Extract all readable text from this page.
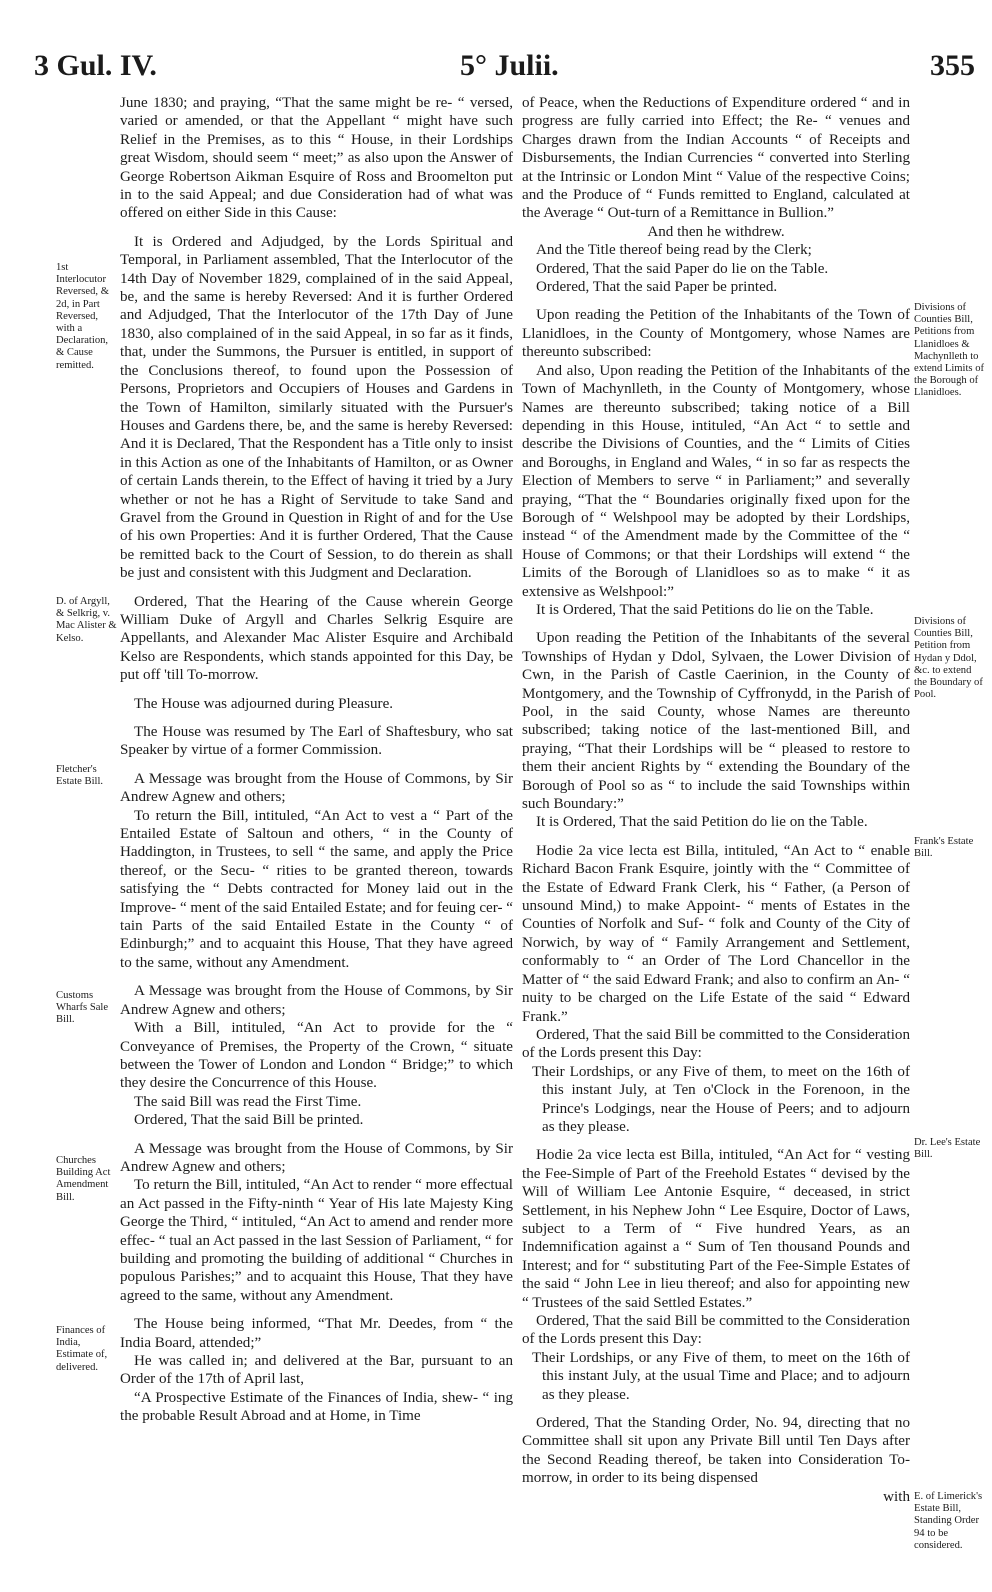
3 Gul. IV.	5° Julii.	355

June 1830; and praying, “That the same might be re- “ versed, varied or amended, or that the Appellant “ might have such Relief in the Premises, as to this “ House, in their Lordships great Wisdom, should seem “ meet;” as also upon the Answer of George Robertson Aikman Esquire of Ross and Broomelton put in to the said Appeal; and due Consideration had of what was offered on either Side in this Cause:

It is Ordered and Adjudged, by the Lords Spiritual and Temporal, in Parliament assembled, That the Interlocutor of the 14th Day of November 1829, complained of in the said Appeal, be, and the same is hereby Reversed: And it is further Ordered and Adjudged, That the Interlocutor of the 17th Day of June 1830, also complained of in the said Appeal, in so far as it finds, that, under the Summons, the Pursuer is entitled, in support of the Conclusions thereof, to found upon the Possession of Persons, Proprietors and Occupiers of Houses and Gardens in the Town of Hamilton, similarly situated with the Pursuer's Houses and Gardens there, be, and the same is hereby Reversed: And it is Declared, That the Respondent has a Title only to insist in this Action as one of the Inhabitants of Hamilton, or as Owner of certain Lands therein, to the Effect of having it tried by a Jury whether or not he has a Right of Servitude to take Sand and Gravel from the Ground in Question in Right of and for the Use of his own Properties: And it is further Ordered, That the Cause be remitted back to the Court of Session, to do therein as shall be just and consistent with this Judgment and Declaration.

Ordered, That the Hearing of the Cause wherein George William Duke of Argyll and Charles Selkrig Esquire are Appellants, and Alexander Mac Alister Esquire and Archibald Kelso are Respondents, which stands appointed for this Day, be put off 'till To-morrow.

The House was adjourned during Pleasure.

The House was resumed by The Earl of Shaftesbury, who sat Speaker by virtue of a former Commission.

A Message was brought from the House of Commons, by Sir Andrew Agnew and others;

To return the Bill, intituled, “An Act to vest a “ Part of the Entailed Estate of Saltoun and others, “ in the County of Haddington, in Trustees, to sell “ the same, and apply the Price thereof, or the Secu- “ rities to be granted thereon, towards satisfying the “ Debts contracted for Money laid out in the Improve- “ ment of the said Entailed Estate; and for feuing cer- “ tain Parts of the said Entailed Estate in the County “ of Edinburgh;” and to acquaint this House, That they have agreed to the same, without any Amendment.

A Message was brought from the House of Commons, by Sir Andrew Agnew and others;

With a Bill, intituled, “An Act to provide for the “ Conveyance of Premises, the Property of the Crown, “ situate between the Tower of London and London “ Bridge;” to which they desire the Concurrence of this House.

The said Bill was read the First Time.

Ordered, That the said Bill be printed.

A Message was brought from the House of Commons, by Sir Andrew Agnew and others;

To return the Bill, intituled, “An Act to render “ more effectual an Act passed in the Fifty-ninth “ Year of His late Majesty King George the Third, “ intituled, “An Act to amend and render more effec- “ tual an Act passed in the last Session of Parliament, “ for building and promoting the building of additional “ Churches in populous Parishes;” and to acquaint this House, That they have agreed to the same, without any Amendment.

The House being informed, “That Mr. Deedes, from “ the India Board, attended;”

He was called in; and delivered at the Bar, pursuant to an Order of the 17th of April last,

“A Prospective Estimate of the Finances of India, shew- “ ing the probable Result Abroad and at Home, in Time

of Peace, when the Reductions of Expenditure ordered “ and in progress are fully carried into Effect; the Re- “ venues and Charges drawn from the Indian Accounts “ of Receipts and Disbursements, the Indian Currencies “ converted into Sterling at the Intrinsic or London Mint “ Value of the respective Coins; and the Produce of “ Funds remitted to England, calculated at the Average “ Out-turn of a Remittance in Bullion.”

And then he withdrew.

And the Title thereof being read by the Clerk;

Ordered, That the said Paper do lie on the Table.

Ordered, That the said Paper be printed.

Upon reading the Petition of the Inhabitants of the Town of Llanidloes, in the County of Montgomery, whose Names are thereunto subscribed:

And also, Upon reading the Petition of the Inhabitants of the Town of Machynlleth, in the County of Montgomery, whose Names are thereunto subscribed; taking notice of a Bill depending in this House, intituled, “An Act “ to settle and describe the Divisions of Counties, and the “ Limits of Cities and Boroughs, in England and Wales, “ in so far as respects the Election of Members to serve “ in Parliament;” and severally praying, “That the “ Boundaries originally fixed upon for the Borough of “ Welshpool may be adopted by their Lordships, instead “ of the Amendment made by the Committee of the “ House of Commons; or that their Lordships will extend “ the Limits of the Borough of Llanidloes so as to make “ it as extensive as Welshpool:”

It is Ordered, That the said Petitions do lie on the Table.

Upon reading the Petition of the Inhabitants of the several Townships of Hydan y Ddol, Sylvaen, the Lower Division of Cwn, in the Parish of Castle Caerinion, in the County of Montgomery, and the Township of Cyffronydd, in the Parish of Pool, in the said County, whose Names are thereunto subscribed; taking notice of the last-mentioned Bill, and praying, “That their Lordships will be “ pleased to restore to them their ancient Rights by “ extending the Boundary of the Borough of Pool so as “ to include the said Townships within such Boundary:”

It is Ordered, That the said Petition do lie on the Table.

Hodie 2a vice lecta est Billa, intituled, “An Act to “ enable Richard Bacon Frank Esquire, jointly with the “ Committee of the Estate of Edward Frank Clerk, his “ Father, (a Person of unsound Mind,) to make Appoint- “ ments of Estates in the Counties of Norfolk and Suf- “ folk and County of the City of Norwich, by way of “ Family Arrangement and Settlement, conformably to “ an Order of The Lord Chancellor in the Matter of “ the said Edward Frank; and also to confirm an An- “ nuity to be charged on the Life Estate of the said “ Edward Frank.”

Ordered, That the said Bill be committed to the Consideration of the Lords present this Day:

Their Lordships, or any Five of them, to meet on the 16th of this instant July, at Ten o'Clock in the Forenoon, in the Prince's Lodgings, near the House of Peers; and to adjourn as they please.

Hodie 2a vice lecta est Billa, intituled, “An Act for “ vesting the Fee-Simple of Part of the Freehold Estates “ devised by the Will of William Lee Antonie Esquire, “ deceased, in strict Settlement, in his Nephew John “ Lee Esquire, Doctor of Laws, subject to a Term of “ Five hundred Years, as an Indemnification against a “ Sum of Ten thousand Pounds and Interest; and for “ substituting Part of the Fee-Simple Estates of the said “ John Lee in lieu thereof; and also for appointing new “ Trustees of the said Settled Estates.”

Ordered, That the said Bill be committed to the Consideration of the Lords present this Day:

Their Lordships, or any Five of them, to meet on the 16th of this instant July, at the usual Time and Place; and to adjourn as they please.

Ordered, That the Standing Order, No. 94, directing that no Committee shall sit upon any Private Bill until Ten Days after the Second Reading thereof, be taken into Consideration To-morrow, in order to its being dispensed

with

1st Interlocutor Reversed, & 2d, in Part Reversed, with a Declaration, & Cause remitted.
D. of Argyll, & Selkrig, v. Mac Alister & Kelso.
Fletcher's Estate Bill.
Customs Wharfs Sale Bill.
Churches Building Act Amendment Bill.
Finances of India, Estimate of, delivered.
Divisions of Counties Bill, Petitions from Llanidloes & Machynlleth to extend Limits of the Borough of Llanidloes.
Divisions of Counties Bill, Petition from Hydan y Ddol, &c. to extend the Boundary of Pool.
Frank's Estate Bill.
Dr. Lee's Estate Bill.
E. of Limerick's Estate Bill, Standing Order 94 to be considered.
